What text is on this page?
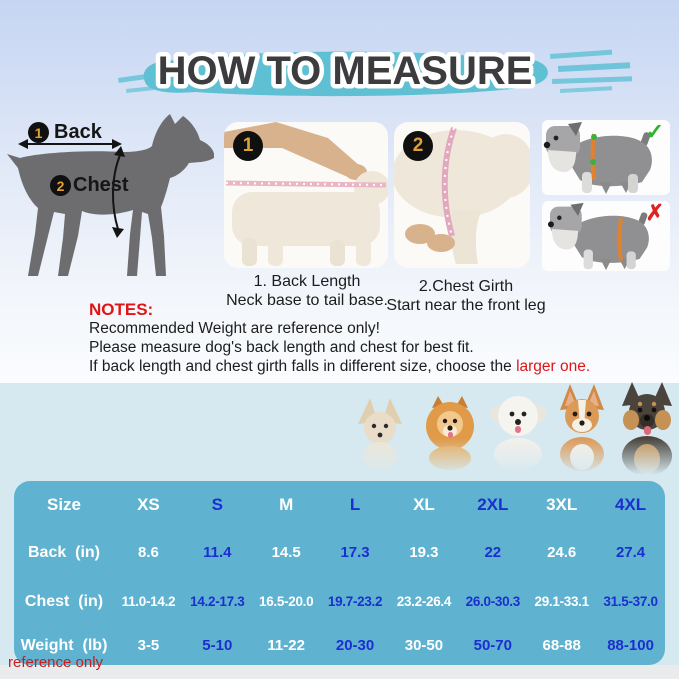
HOW TO MEASURE
1 Back
2 Chest
1	2
✓
✗
1. Back Length
Neck base to tail base.
2.Chest Girth
Start near the front leg
NOTES:
Recommended Weight are reference only!
Please measure dog's back length and chest for best fit.
If back length and chest girth falls in different size, choose the larger one.
Size	XS	S	M	L	XL	2XL	3XL	4XL
Back  (in)	8.6	11.4	14.5	17.3	19.3	22	24.6	27.4
Chest  (in)	11.0-14.2	14.2-17.3	16.5-20.0	19.7-23.2	23.2-26.4	26.0-30.3	29.1-33.1	31.5-37.0
Weight  (lb)	3-5	5-10	11-22	20-30	30-50	50-70	68-88	88-100
reference only
